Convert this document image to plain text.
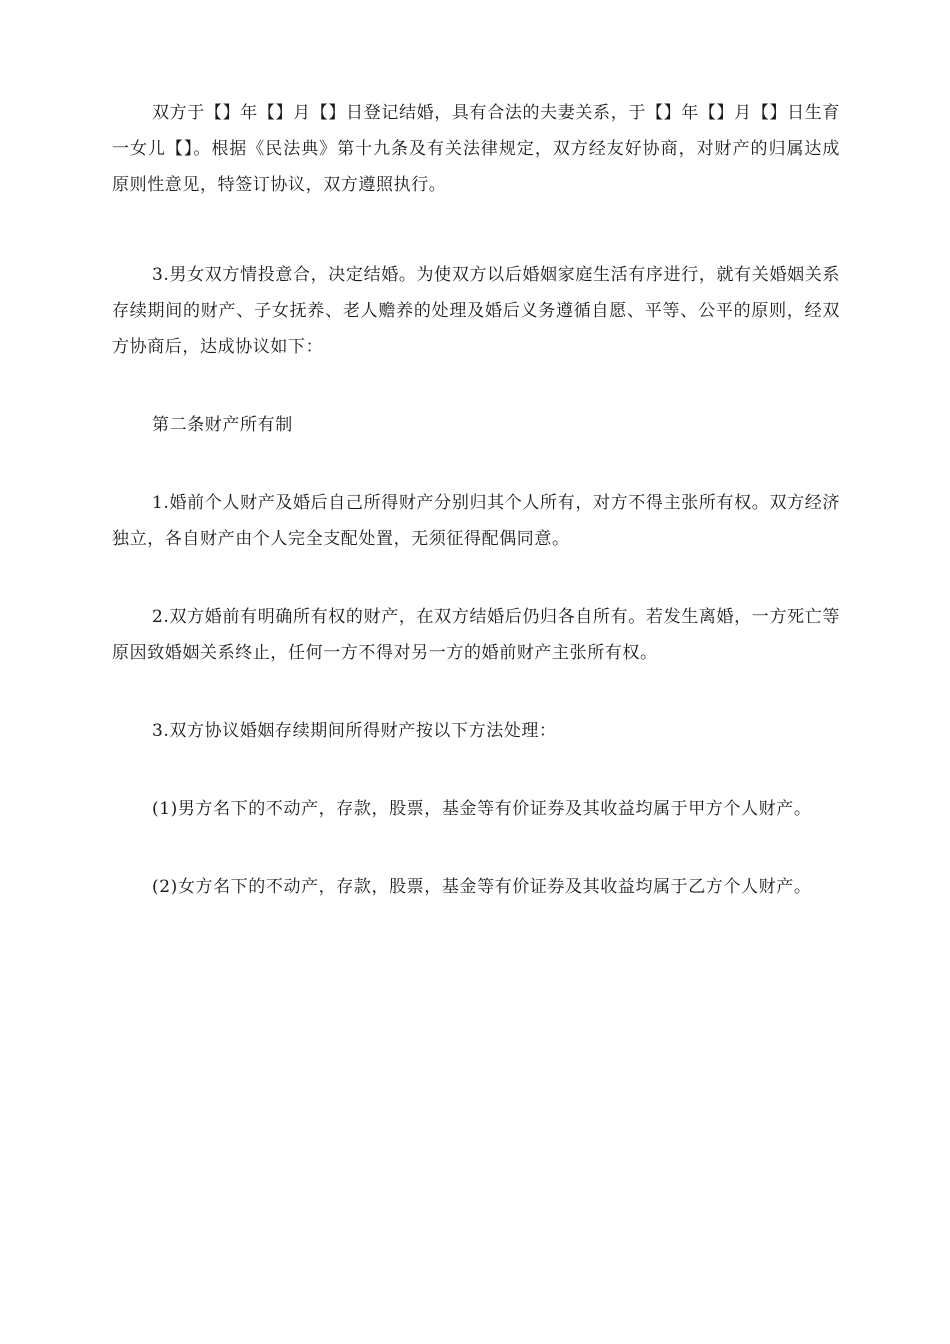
双方于【】年【】月【】日登记结婚，具有合法的夫妻关系，于【】年【】月【】日生育一女儿【】。根据《民法典》第十九条及有关法律规定，双方经友好协商，对财产的归属达成原则性意见，特签订协议，双方遵照执行。

3.男女双方情投意合，决定结婚。为使双方以后婚姻家庭生活有序进行，就有关婚姻关系存续期间的财产、子女抚养、老人赡养的处理及婚后义务遵循自愿、平等、公平的原则，经双方协商后，达成协议如下：

第二条财产所有制

1.婚前个人财产及婚后自己所得财产分别归其个人所有，对方不得主张所有权。双方经济独立，各自财产由个人完全支配处置，无须征得配偶同意。

2.双方婚前有明确所有权的财产，在双方结婚后仍归各自所有。若发生离婚，一方死亡等原因致婚姻关系终止，任何一方不得对另一方的婚前财产主张所有权。

3.双方协议婚姻存续期间所得财产按以下方法处理：

(1)男方名下的不动产，存款，股票，基金等有价证券及其收益均属于甲方个人财产。

(2)女方名下的不动产，存款，股票，基金等有价证券及其收益均属于乙方个人财产。
